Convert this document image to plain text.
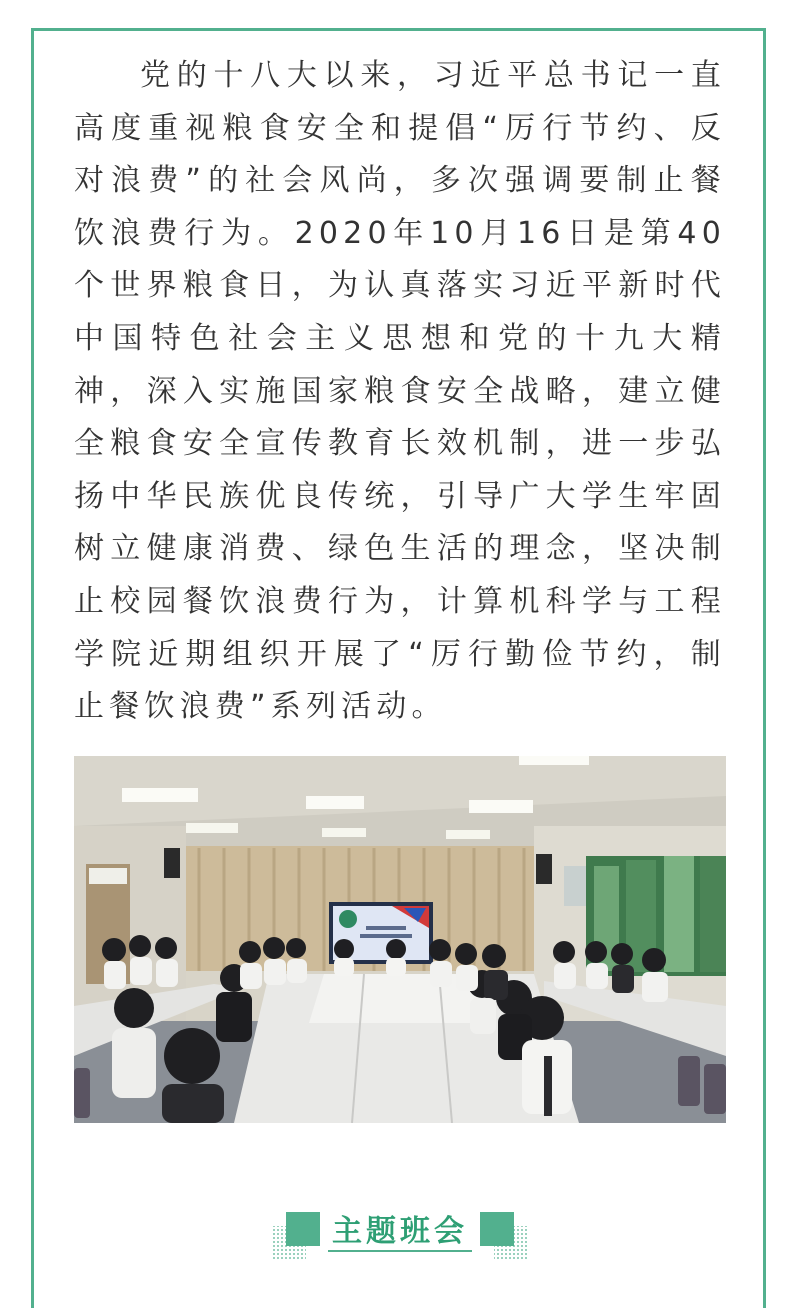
党的十八大以来，习近平总书记一直高度重视粮食安全和提倡“厉行节约、反对浪费”的社会风尚，多次强调要制止餐饮浪费行为。2020年10月16日是第40个世界粮食日，为认真落实习近平新时代中国特色社会主义思想和党的十九大精神，深入实施国家粮食安全战略，建立健全粮食安全宣传教育长效机制，进一步弘扬中华民族优良传统，引导广大学生牢固树立健康消费、绿色生活的理念，坚决制止校园餐饮浪费行为，计算机科学与工程学院近期组织开展了“厉行勤俭节约，制止餐饮浪费”系列活动。

主题班会
